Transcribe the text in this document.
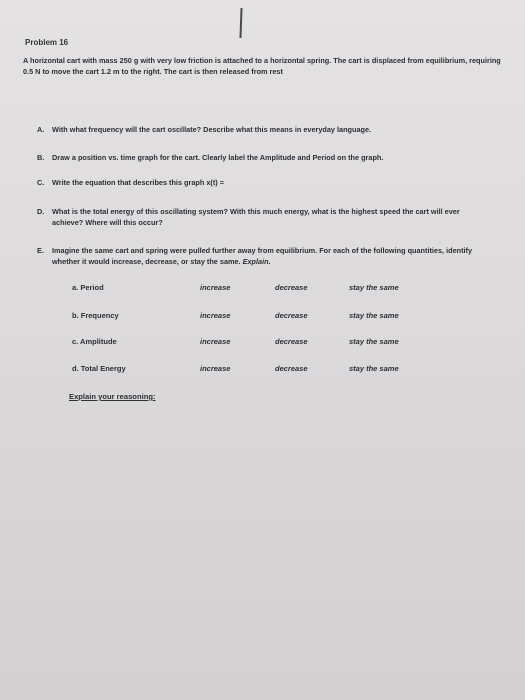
Problem 16
A horizontal cart with mass 250 g with very low friction is attached to a horizontal spring. The cart is displaced from equilibrium, requiring 0.5 N to move the cart 1.2 m to the right. The cart is then released from rest
A. With what frequency will the cart oscillate? Describe what this means in everyday language.
B. Draw a position vs. time graph for the cart. Clearly label the Amplitude and Period on the graph.
C. Write the equation that describes this graph x(t) =
D. What is the total energy of this oscillating system? With this much energy, what is the highest speed the cart will ever achieve? Where will this occur?
E. Imagine the same cart and spring were pulled further away from equilibrium. For each of the following quantities, identify whether it would increase, decrease, or stay the same. Explain.
a. Period	increase	decrease	stay the same
b. Frequency	increase	decrease	stay the same
c. Amplitude	increase	decrease	stay the same
d. Total Energy	increase	decrease	stay the same
Explain your reasoning:
